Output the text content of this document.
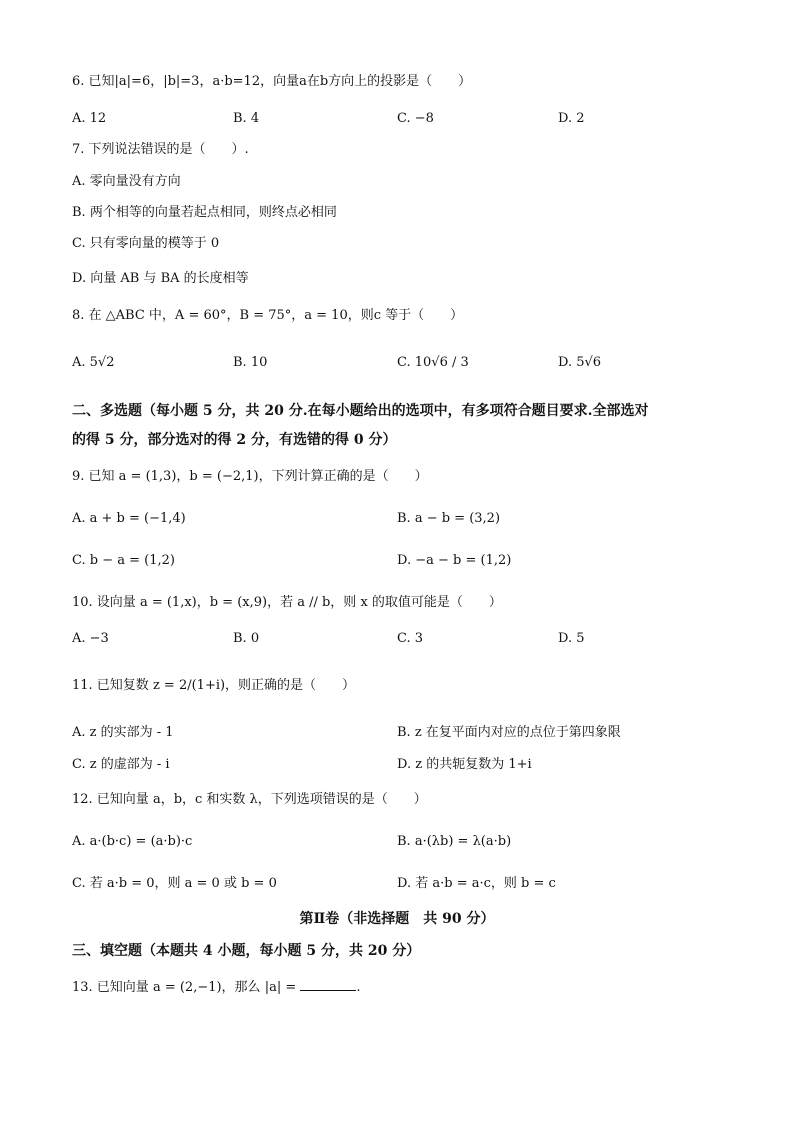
6. 已知|a|=6，|b|=3，a·b=12，向量a在b方向上的投影是（　　）
A. 12	B. 4	C. −8	D. 2
7. 下列说法错误的是（　　）.
A. 零向量没有方向
B. 两个相等的向量若起点相同，则终点必相同
C. 只有零向量的模等于 0
D. 向量 AB 与 BA 的长度相等
8. 在 △ABC 中，A = 60°，B = 75°，a = 10，则c 等于（　　）
A. 5√2	B. 10	C. 10√6 / 3	D. 5√6
二、多选题（每小题 5 分，共 20 分.在每小题给出的选项中，有多项符合题目要求.全部选对
的得 5 分，部分选对的得 2 分，有选错的得 0 分）
9. 已知 a = (1,3)，b = (−2,1)，下列计算正确的是（　　）
A. a + b = (−1,4)	B. a − b = (3,2)
C. b − a = (1,2)	D. −a − b = (1,2)
10. 设向量 a = (1,x)，b = (x,9)，若 a // b，则 x 的取值可能是（　　）
A. −3	B. 0	C. 3	D. 5
11. 已知复数 z = 2/(1+i)，则正确的是（　　）
A. z 的实部为 - 1	B. z 在复平面内对应的点位于第四象限
C. z 的虚部为 - i	D. z 的共轭复数为 1+i
12. 已知向量 a，b，c 和实数 λ，下列选项错误的是（　　）
A. a·(b·c) = (a·b)·c	B. a·(λb) = λ(a·b)
C. 若 a·b = 0，则 a = 0 或 b = 0	D. 若 a·b = a·c，则 b = c
第Ⅱ卷（非选择题　共 90 分）
三、填空题（本题共 4 小题，每小题 5 分，共 20 分）
13. 已知向量 a = (2,−1)，那么 |a| =	.
